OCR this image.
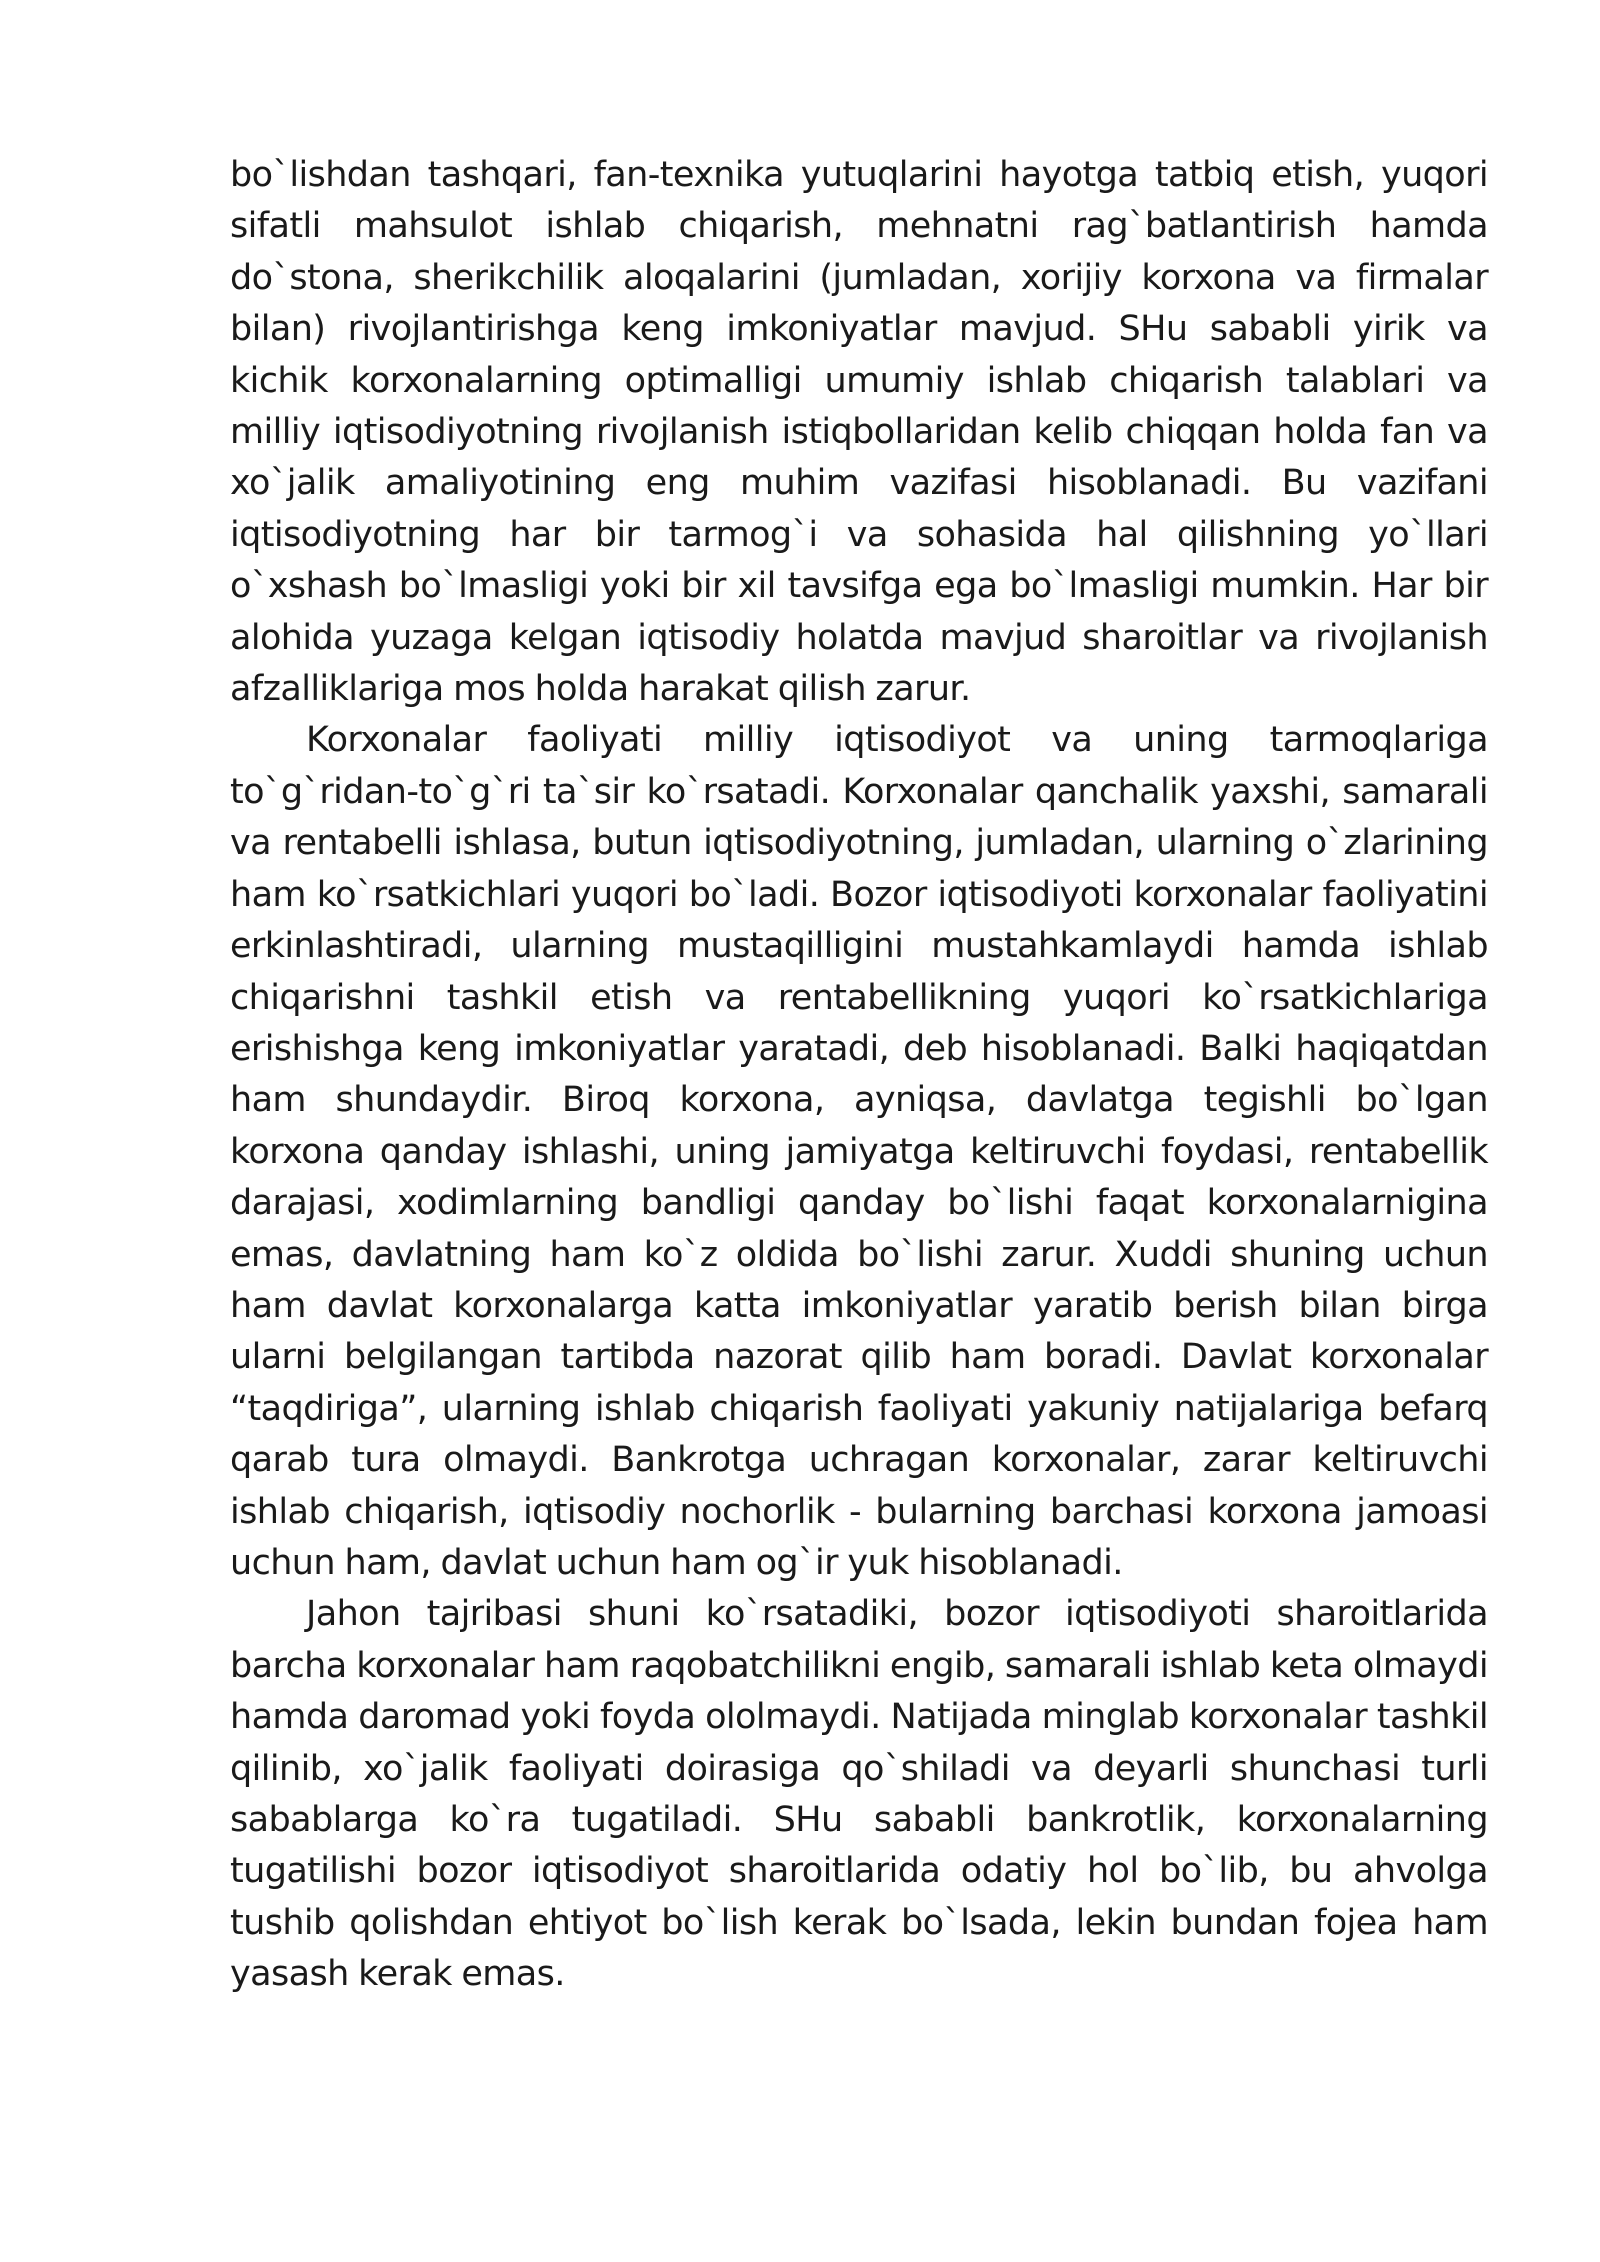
bo`lishdan tashqari, fan-texnika yutuqlarini hayotga tatbiq etish, yuqori sifatli mahsulot ishlab chiqarish, mehnatni rag`batlantirish hamda do`stona, sherikchilik aloqalarini (jumladan, xorijiy korxona va firmalar bilan) rivojlantirishga keng imkoniyatlar mavjud. SHu sababli yirik va kichik korxonalarning optimalligi umumiy ishlab chiqarish talablari va milliy iqtisodiyotning rivojlanish istiqbollaridan kelib chiqqan holda fan va xo`jalik amaliyotining eng muhim vazifasi hisoblanadi. Bu vazifani iqtisodiyotning har bir tarmog`i va sohasida hal qilishning yo`llari o`xshash bo`lmasligi yoki bir xil tavsifga ega bo`lmasligi mumkin. Har bir alohida yuzaga kelgan iqtisodiy holatda mavjud sharoitlar va rivojlanish afzalliklariga mos holda harakat qilish zarur.

Korxonalar faoliyati milliy iqtisodiyot va uning tarmoqlariga to`g`ridan-to`g`ri ta`sir ko`rsatadi. Korxonalar qanchalik yaxshi, samarali va rentabelli ishlasa, butun iqtisodiyotning, jumladan, ularning o`zlarining ham ko`rsatkichlari yuqori bo`ladi. Bozor iqtisodiyoti korxonalar faoliyatini erkinlashtiradi, ularning mustaqilligini mustahkamlaydi hamda ishlab chiqarishni tashkil etish va rentabellikning yuqori ko`rsatkichlariga erishishga keng imkoniyatlar yaratadi, deb hisoblanadi. Balki haqiqatdan ham shundaydir. Biroq korxona, ayniqsa, davlatga tegishli bo`lgan korxona qanday ishlashi, uning jamiyatga keltiruvchi foydasi, rentabellik darajasi, xodimlarning bandligi qanday bo`lishi faqat korxonalarnigina emas, davlatning ham ko`z oldida bo`lishi zarur. Xuddi shuning uchun ham davlat korxonalarga katta imkoniyatlar yaratib berish bilan birga ularni belgilangan tartibda nazorat qilib ham boradi. Davlat korxonalar “taqdiriga”, ularning ishlab chiqarish faoliyati yakuniy natijalariga befarq qarab tura olmaydi. Bankrotga uchragan korxonalar, zarar keltiruvchi ishlab chiqarish, iqtisodiy nochorlik - bularning barchasi korxona jamoasi uchun ham, davlat uchun ham og`ir yuk hisoblanadi.

Jahon tajribasi shuni ko`rsatadiki, bozor iqtisodiyoti sharoitlarida barcha korxonalar ham raqobatchilikni engib, samarali ishlab keta olmaydi hamda daromad yoki foyda ololmaydi. Natijada minglab korxonalar tashkil qilinib, xo`jalik faoliyati doirasiga qo`shiladi va deyarli shunchasi turli sabablarga ko`ra tugatiladi. SHu sababli bankrotlik, korxonalarning tugatilishi bozor iqtisodiyot sharoitlarida odatiy hol bo`lib, bu ahvolga tushib qolishdan ehtiyot bo`lish kerak bo`lsada, lekin bundan fojea ham yasash kerak emas.
